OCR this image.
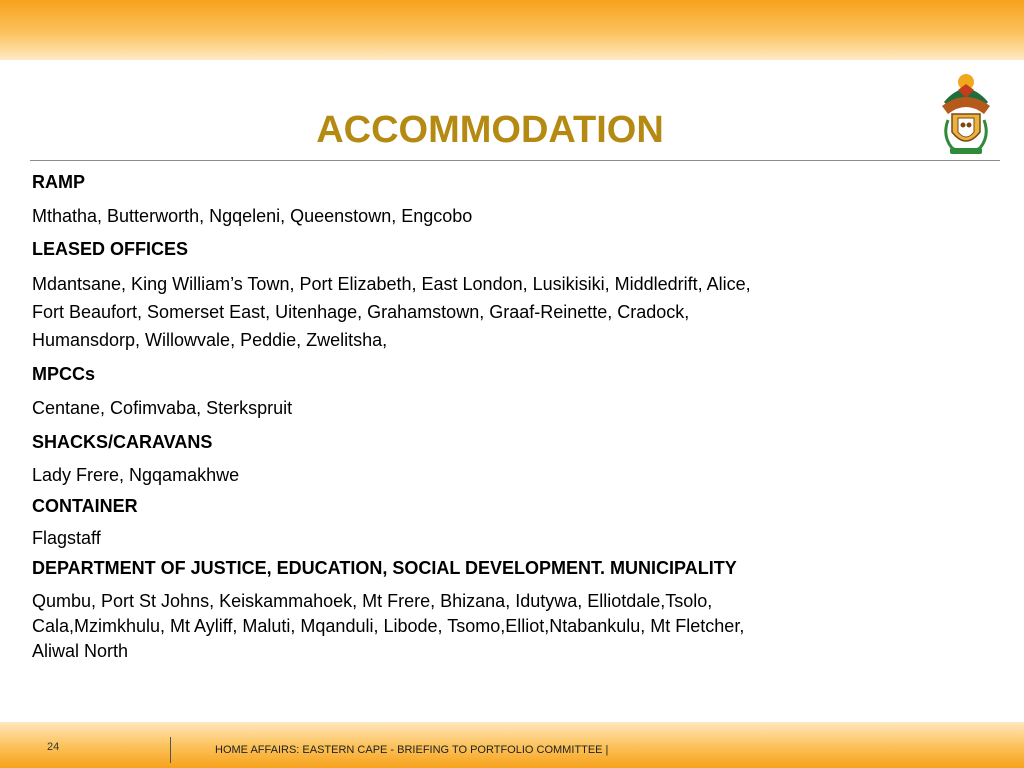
ACCOMMODATION
RAMP
Mthatha, Butterworth, Ngqeleni, Queenstown, Engcobo
LEASED OFFICES
Mdantsane, King William’s Town, Port Elizabeth, East London, Lusikisiki, Middledrift, Alice,
Fort Beaufort, Somerset East, Uitenhage, Grahamstown, Graaf-Reinette, Cradock,
Humansdorp, Willowvale, Peddie, Zwelitsha,
MPCCs
Centane, Cofimvaba, Sterkspruit
SHACKS/CARAVANS
Lady Frere, Ngqamakhwe
CONTAINER
Flagstaff
DEPARTMENT OF JUSTICE, EDUCATION, SOCIAL DEVELOPMENT. MUNICIPALITY
Qumbu, Port St Johns, Keiskammahoek, Mt Frere, Bhizana, Idutywa, Elliotdale,Tsolo,
Cala,Mzimkhulu, Mt Ayliff, Maluti, Mqanduli, Libode, Tsomo,Elliot,Ntabankulu, Mt Fletcher,
Aliwal North
24	HOME AFFAIRS: EASTERN CAPE - BRIEFING TO PORTFOLIO COMMITTEE |
